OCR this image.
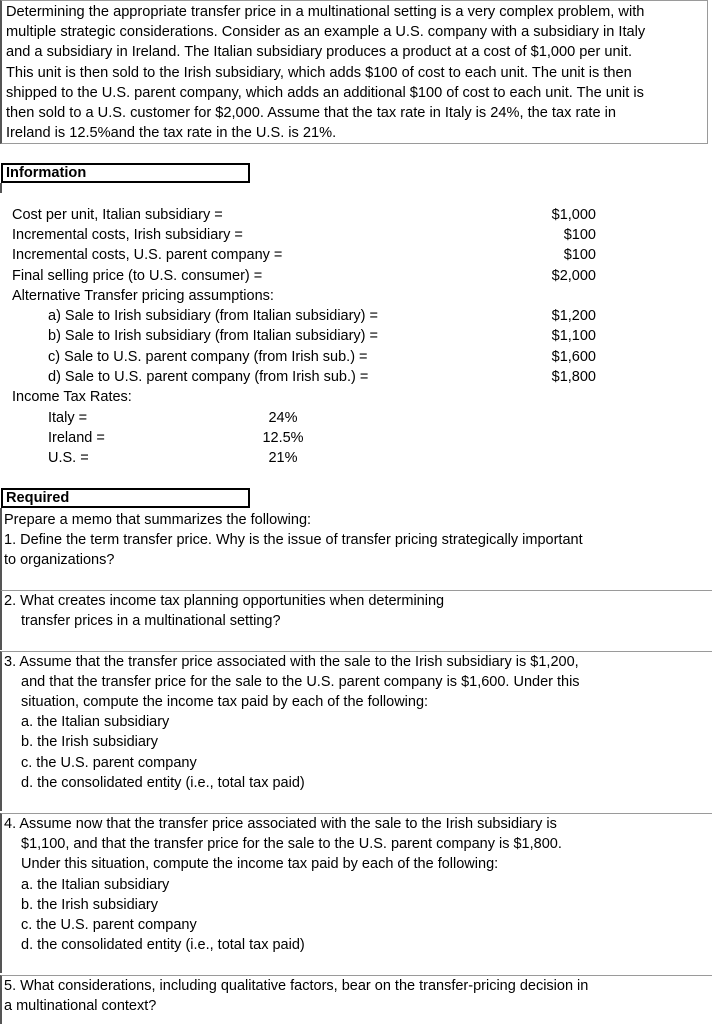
Determining the appropriate transfer price in a multinational setting is a very complex problem, with
multiple strategic considerations. Consider as an example a U.S. company with a subsidiary in Italy
and a subsidiary in Ireland. The Italian subsidiary produces a product at a cost of $1,000 per unit.
This unit is then sold to the Irish subsidiary, which adds $100 of cost to each unit. The unit is then
shipped to the U.S. parent company, which adds an additional $100 of cost to each unit. The unit is
then sold to a U.S. customer for $2,000. Assume that the tax rate in Italy is 24%, the tax rate in
Ireland is 12.5%and the tax rate in the U.S. is 21%.
Information
Cost per unit, Italian subsidiary =	$1,000
Incremental costs, Irish subsidiary =	$100
Incremental costs, U.S. parent company =	$100
Final selling price (to U.S. consumer) =	$2,000
Alternative Transfer pricing assumptions:
a) Sale to Irish subsidiary (from Italian subsidiary) =	$1,200
b) Sale to Irish subsidiary (from Italian subsidiary) =	$1,100
c) Sale to U.S. parent company (from Irish sub.) =	$1,600
d) Sale to U.S. parent company (from Irish sub.) =	$1,800
Income Tax Rates:
Italy =	24%
Ireland =	12.5%
U.S. =	21%
Required
Prepare a memo that summarizes the following:
1. Define the term transfer price. Why is the issue of transfer pricing strategically important
to organizations?
2. What creates income tax planning opportunities when determining
transfer prices in a multinational setting?
3. Assume that the transfer price associated with the sale to the Irish subsidiary is $1,200,
and that the transfer price for the sale to the U.S. parent company is $1,600. Under this
situation, compute the income tax paid by each of the following:
a. the Italian subsidiary
b. the Irish subsidiary
c. the U.S. parent company
d. the consolidated entity (i.e., total tax paid)
4. Assume now that the transfer price associated with the sale to the Irish subsidiary is
$1,100, and that the transfer price for the sale to the U.S. parent company is $1,800.
Under this situation, compute the income tax paid by each of the following:
a. the Italian subsidiary
b. the Irish subsidiary
c. the U.S. parent company
d. the consolidated entity (i.e., total tax paid)
5. What considerations, including qualitative factors, bear on the transfer-pricing decision in
a multinational context?
